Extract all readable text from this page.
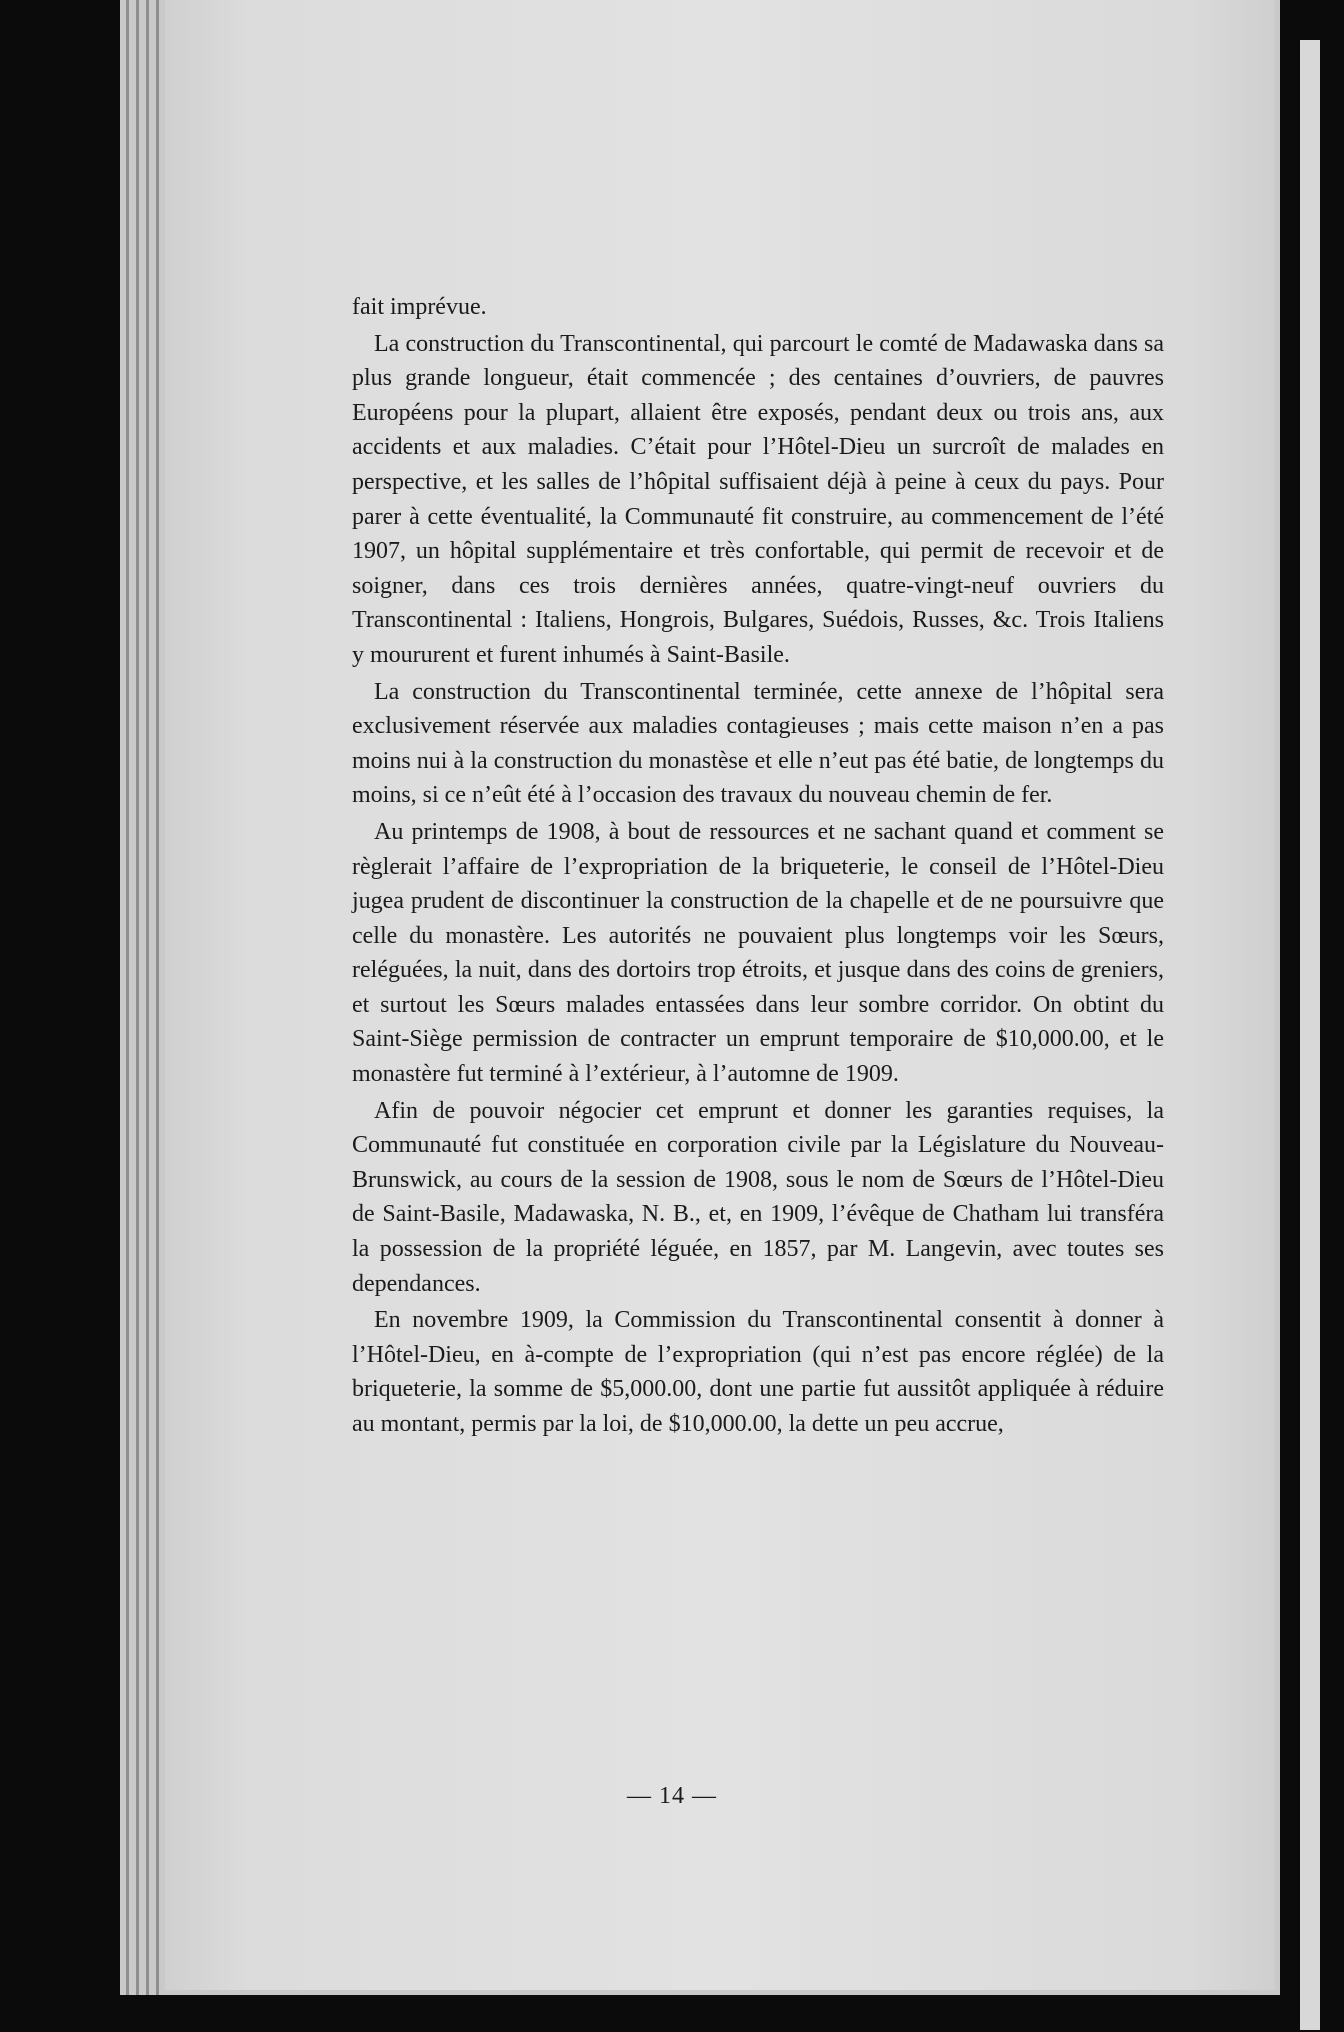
fait imprévue.

La construction du Transcontinental, qui parcourt le comté de Madawaska dans sa plus grande longueur, était commencée ; des centaines d’ouvriers, de pauvres Européens pour la plupart, allaient être exposés, pendant deux ou trois ans, aux accidents et aux maladies. C’était pour l’Hôtel-Dieu un surcroît de malades en perspective, et les salles de l’hôpital suffisaient déjà à peine à ceux du pays. Pour parer à cette éventualité, la Communauté fit construire, au commencement de l’été 1907, un hôpital supplémentaire et très confortable, qui permit de recevoir et de soigner, dans ces trois dernières années, quatre-vingt-neuf ouvriers du Transcontinental : Italiens, Hongrois, Bulgares, Suédois, Russes, &c. Trois Italiens y moururent et furent inhumés à Saint-Basile.

La construction du Transcontinental terminée, cette annexe de l’hôpital sera exclusivement réservée aux maladies contagieuses ; mais cette maison n’en a pas moins nui à la construction du monastèse et elle n’eut pas été batie, de longtemps du moins, si ce n’eût été à l’occasion des travaux du nouveau chemin de fer.

Au printemps de 1908, à bout de ressources et ne sachant quand et comment se règlerait l’affaire de l’expropriation de la briqueterie, le conseil de l’Hôtel-Dieu jugea prudent de discontinuer la construction de la chapelle et de ne poursuivre que celle du monastère. Les autorités ne pouvaient plus longtemps voir les Sœurs, reléguées, la nuit, dans des dortoirs trop étroits, et jusque dans des coins de greniers, et surtout les Sœurs malades entassées dans leur sombre corridor. On obtint du Saint-Siège permission de contracter un emprunt temporaire de $10,000.00, et le monastère fut terminé à l’extérieur, à l’automne de 1909.

Afin de pouvoir négocier cet emprunt et donner les garanties requises, la Communauté fut constituée en corporation civile par la Législature du Nouveau-Brunswick, au cours de la session de 1908, sous le nom de Sœurs de l’Hôtel-Dieu de Saint-Basile, Madawaska, N. B., et, en 1909, l’évêque de Chatham lui transféra la possession de la propriété léguée, en 1857, par M. Langevin, avec toutes ses dependances.

En novembre 1909, la Commission du Transcontinental consentit à donner à l’Hôtel-Dieu, en à-compte de l’expropriation (qui n’est pas encore réglée) de la briqueterie, la somme de $5,000.00, dont une partie fut aussitôt appliquée à réduire au montant, permis par la loi, de $10,000.00, la dette un peu accrue,

— 14 —
